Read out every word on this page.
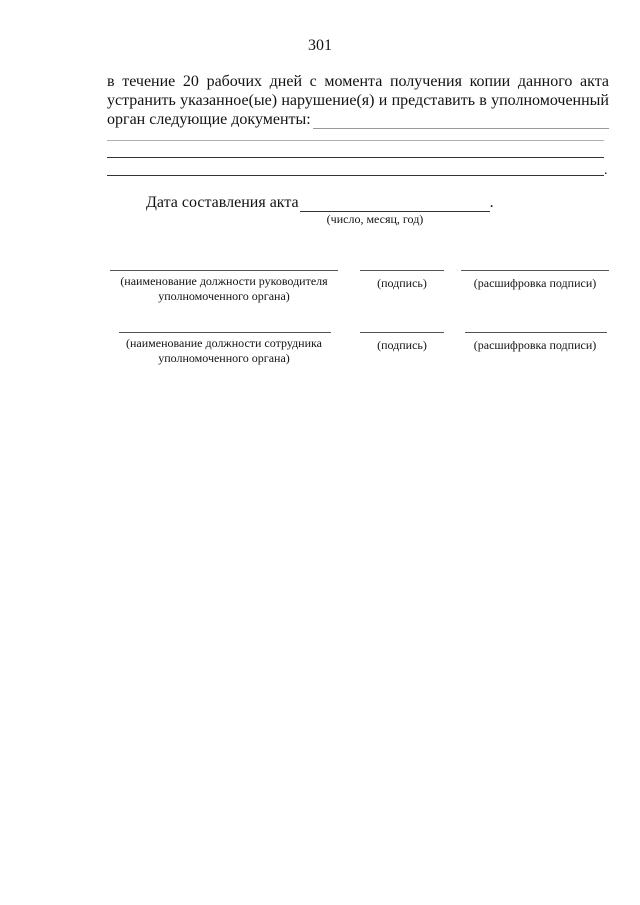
301
в течение 20 рабочих дней с момента получения копии данного акта
устранить указанное(ые) нарушение(я) и представить в уполномоченный
орган следующие документы:
.
Дата составления акта	.
(число, месяц, год)
(наименование должности руководителя
уполномоченного органа)
(подпись)	(расшифровка подписи)
(наименование должности сотрудника
уполномоченного органа)
(подпись)	(расшифровка подписи)
